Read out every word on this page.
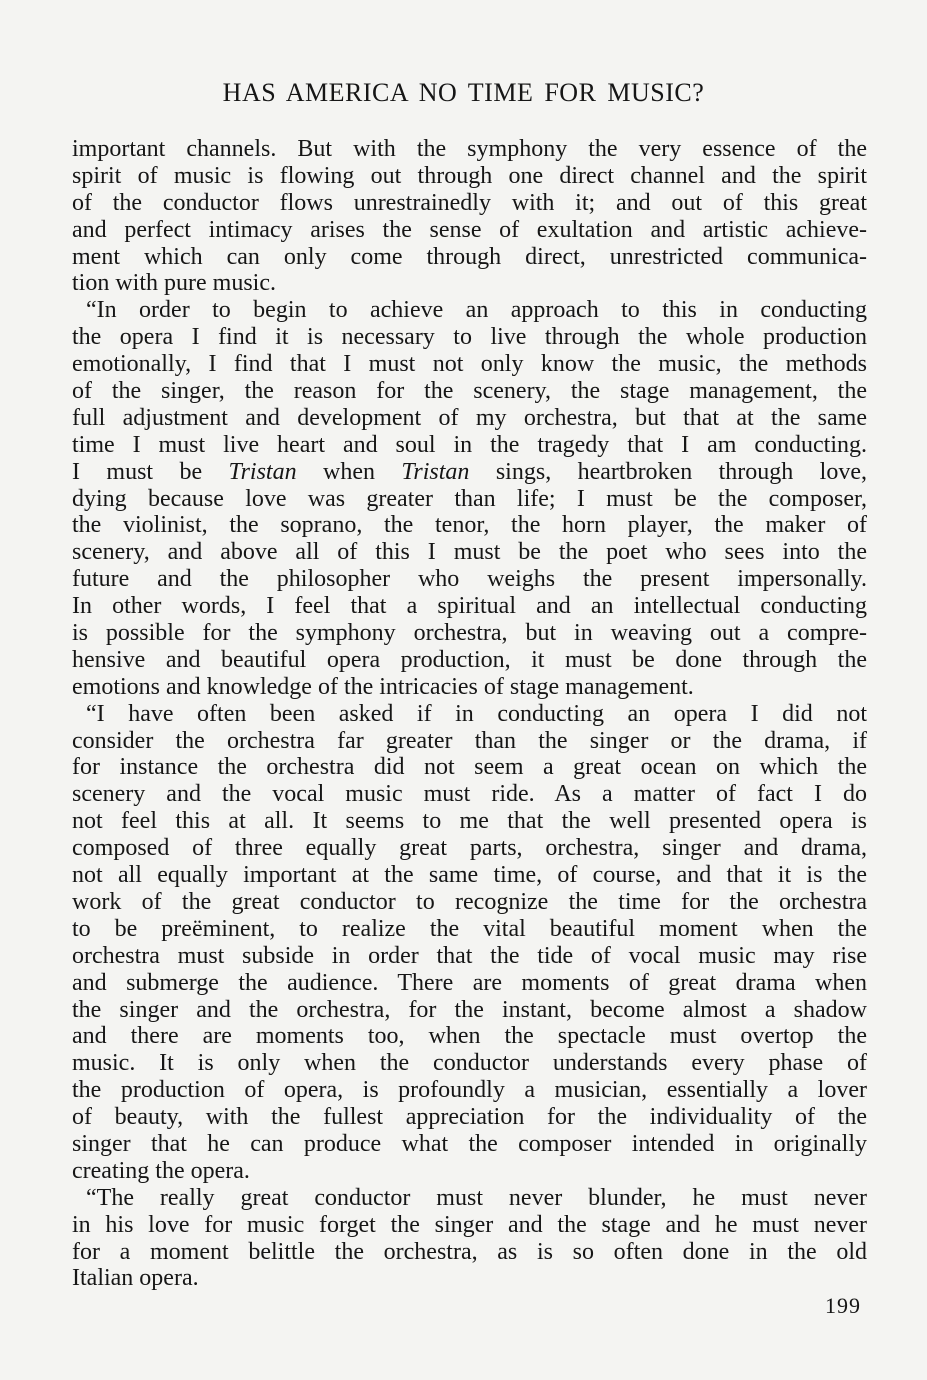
HAS AMERICA NO TIME FOR MUSIC?
important channels. But with the symphony the very essence of the
spirit of music is flowing out through one direct channel and the spirit
of the conductor flows unrestrainedly with it; and out of this great
and perfect intimacy arises the sense of exultation and artistic achieve-
ment which can only come through direct, unrestricted communica-
tion with pure music.
“In order to begin to achieve an approach to this in conducting
the opera I find it is necessary to live through the whole production
emotionally, I find that I must not only know the music, the methods
of the singer, the reason for the scenery, the stage management, the
full adjustment and development of my orchestra, but that at the same
time I must live heart and soul in the tragedy that I am conducting.
I must be Tristan when Tristan sings, heartbroken through love,
dying because love was greater than life; I must be the composer,
the violinist, the soprano, the tenor, the horn player, the maker of
scenery, and above all of this I must be the poet who sees into the
future and the philosopher who weighs the present impersonally.
In other words, I feel that a spiritual and an intellectual conducting
is possible for the symphony orchestra, but in weaving out a compre-
hensive and beautiful opera production, it must be done through the
emotions and knowledge of the intricacies of stage management.
“I have often been asked if in conducting an opera I did not
consider the orchestra far greater than the singer or the drama, if
for instance the orchestra did not seem a great ocean on which the
scenery and the vocal music must ride. As a matter of fact I do
not feel this at all. It seems to me that the well presented opera is
composed of three equally great parts, orchestra, singer and drama,
not all equally important at the same time, of course, and that it is the
work of the great conductor to recognize the time for the orchestra
to be preëminent, to realize the vital beautiful moment when the
orchestra must subside in order that the tide of vocal music may rise
and submerge the audience. There are moments of great drama when
the singer and the orchestra, for the instant, become almost a shadow
and there are moments too, when the spectacle must overtop the
music. It is only when the conductor understands every phase of
the production of opera, is profoundly a musician, essentially a lover
of beauty, with the fullest appreciation for the individuality of the
singer that he can produce what the composer intended in originally
creating the opera.
“The really great conductor must never blunder, he must never
in his love for music forget the singer and the stage and he must never
for a moment belittle the orchestra, as is so often done in the old
Italian opera.
199
